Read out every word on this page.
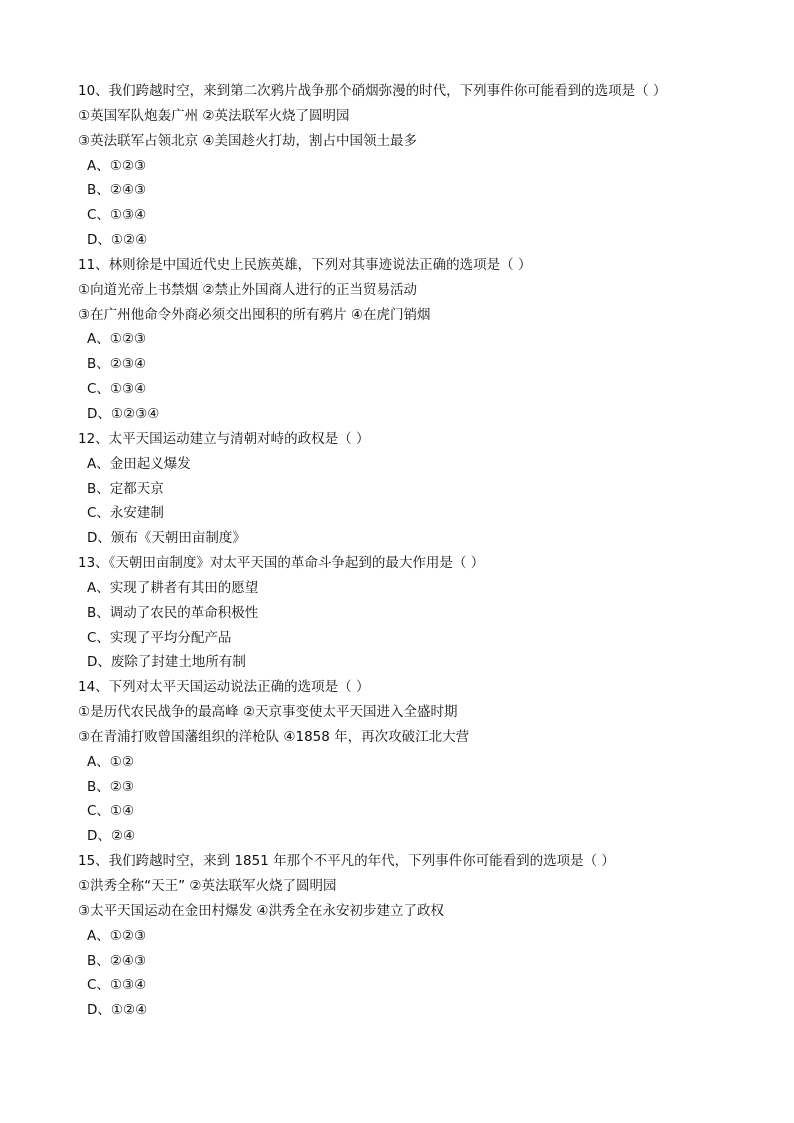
10、我们跨越时空，来到第二次鸦片战争那个硝烟弥漫的时代，下列事件你可能看到的选项是（ ）
①英国军队炮轰广州 ②英法联军火烧了圆明园
③英法联军占领北京 ④美国趁火打劫，割占中国领土最多
A、①②③
B、②④③
C、①③④
D、①②④
11、林则徐是中国近代史上民族英雄，下列对其事迹说法正确的选项是（ ）
①向道光帝上书禁烟 ②禁止外国商人进行的正当贸易活动
③在广州他命令外商必须交出囤积的所有鸦片 ④在虎门销烟
A、①②③
B、②③④
C、①③④
D、①②③④
12、太平天国运动建立与清朝对峙的政权是（ ）
A、金田起义爆发
B、定都天京
C、永安建制
D、颁布《天朝田亩制度》
13、《天朝田亩制度》对太平天国的革命斗争起到的最大作用是（ ）
A、实现了耕者有其田的愿望
B、调动了农民的革命积极性
C、实现了平均分配产品
D、废除了封建土地所有制
14、下列对太平天国运动说法正确的选项是（ ）
①是历代农民战争的最高峰 ②天京事变使太平天国进入全盛时期
③在青浦打败曾国藩组织的洋枪队 ④1858 年，再次攻破江北大营
A、①②
B、②③
C、①④
D、②④
15、我们跨越时空，来到 1851 年那个不平凡的年代，下列事件你可能看到的选项是（ ）
①洪秀全称“天王” ②英法联军火烧了圆明园
③太平天国运动在金田村爆发 ④洪秀全在永安初步建立了政权
A、①②③
B、②④③
C、①③④
D、①②④
